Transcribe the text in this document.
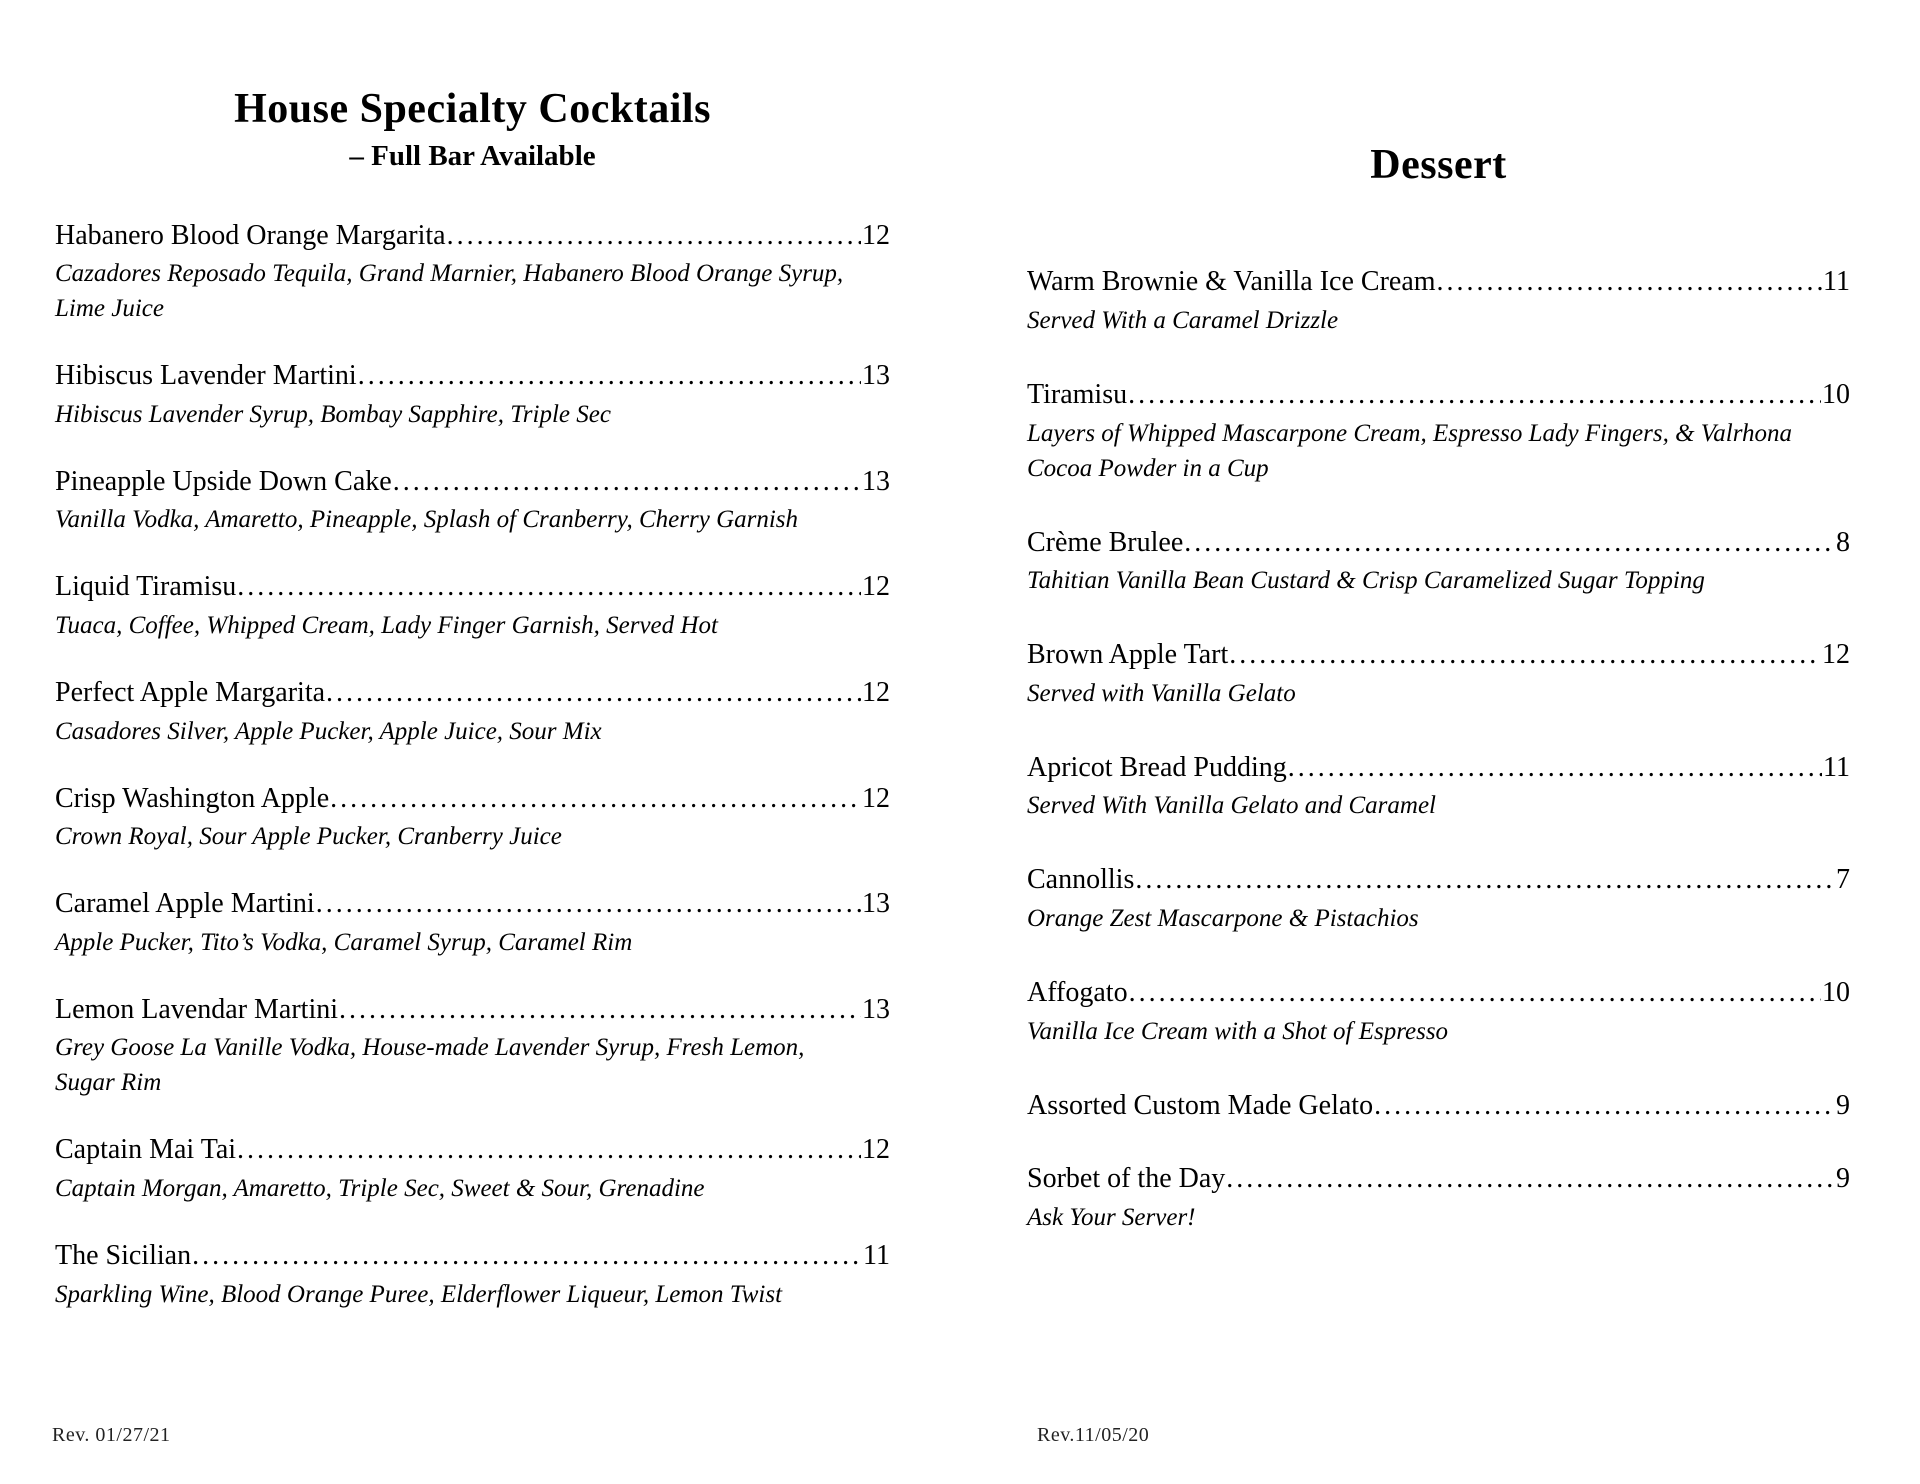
House Specialty Cocktails
– Full Bar Available
Habanero Blood Orange Margarita .....	12
Cazadores Reposado Tequila, Grand Marnier, Habanero Blood Orange Syrup, Lime Juice
Hibiscus Lavender Martini .....	13
Hibiscus Lavender Syrup, Bombay Sapphire, Triple Sec
Pineapple Upside Down Cake .....	13
Vanilla Vodka, Amaretto, Pineapple, Splash of Cranberry, Cherry Garnish
Liquid Tiramisu .....	12
Tuaca, Coffee, Whipped Cream, Lady Finger Garnish, Served Hot
Perfect Apple Margarita .....	12
Casadores Silver, Apple Pucker, Apple Juice, Sour Mix
Crisp Washington Apple .....	12
Crown Royal, Sour Apple Pucker, Cranberry Juice
Caramel Apple Martini .....	13
Apple Pucker, Tito’s Vodka, Caramel Syrup, Caramel Rim
Lemon Lavendar Martini .....	13
Grey Goose La Vanille Vodka, House-made Lavender Syrup, Fresh Lemon, Sugar Rim
Captain Mai Tai .....	12
Captain Morgan, Amaretto, Triple Sec, Sweet & Sour, Grenadine
The Sicilian .....	11
Sparkling Wine, Blood Orange Puree, Elderflower Liqueur, Lemon Twist
Dessert
Warm Brownie & Vanilla Ice Cream .....	11
Served With a Caramel Drizzle
Tiramisu .....	10
Layers of Whipped Mascarpone Cream, Espresso Lady Fingers, & Valrhona Cocoa Powder in a Cup
Crème Brulee .....	8
Tahitian Vanilla Bean Custard & Crisp Caramelized Sugar Topping
Brown Apple Tart .....	12
Served with Vanilla Gelato
Apricot Bread Pudding .....	11
Served With Vanilla Gelato and Caramel
Cannollis .....	7
Orange Zest Mascarpone & Pistachios
Affogato .....	10
Vanilla Ice Cream with a Shot of Espresso
Assorted Custom Made Gelato .....	9
Sorbet of the Day .....	9
Ask Your Server!
Rev. 01/27/21	Rev.11/05/20
